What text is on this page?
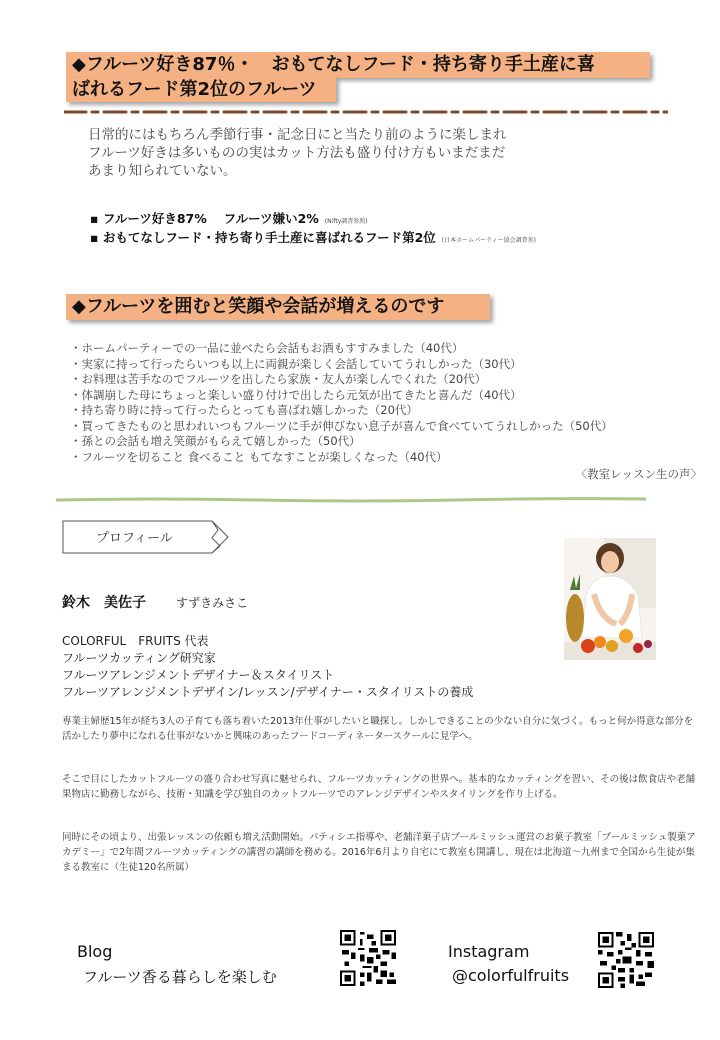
◆フルーツ好き87％・　おもてなしフード・持ち寄り手土産に喜
ばれるフード第2位のフルーツ
日常的にはもちろん季節行事・記念日にと当たり前のように楽しまれ
フルーツ好きは多いものの実はカット方法も盛り付け方もいまだまだ
あまり知られていない。
▪ フルーツ好き87%　 フルーツ嫌い2% (Nifty調査参照)
▪ おもてなしフード・持ち寄り手土産に喜ばれるフード第2位 (日本ホームパーティー協会調査参)
◆フルーツを囲むと笑顔や会話が増えるのです
・ホームパーティーでの一品に並べたら会話もお酒もすすみました（40代）
・実家に持って行ったらいつも以上に両親が楽しく会話していてうれしかった（30代）
・お料理は苦手なのでフルーツを出したら家族・友人が楽しんでくれた（20代）
・体調崩した母にちょっと楽しい盛り付けで出したら元気が出てきたと喜んだ（40代）
・持ち寄り時に持って行ったらとっても喜ばれ嬉しかった（20代）
・買ってきたものと思われいつもフルーツに手が伸びない息子が喜んで食べていてうれしかった（50代）
・孫との会話も増え笑顔がもらえて嬉しかった（50代）
・フルーツを切ること 食べること もてなすことが楽しくなった（40代）
〈教室レッスン生の声〉
プロフィール
鈴木　美佐子	すずきみさこ
COLORFUL　FRUITS 代表
フルーツカッティング研究家
フルーツアレンジメントデザイナー＆スタイリスト
フルーツアレンジメントデザイン/レッスン/デザイナー・スタイリストの養成
専業主婦歴15年が経ち3人の子育ても落ち着いた2013年仕事がしたいと職探し。しかしできることの少ない自分に気づく。もっと何か得意な部分を活かしたり夢中になれる仕事がないかと興味のあったフードコーディネータースクールに見学へ。
そこで目にしたカットフルーツの盛り合わせ写真に魅せられ、フルーツカッティングの世界へ。基本的なカッティングを習い、その後は飲食店や老舗果物店に勤務しながら、技術・知識を学び独自のカットフルーツでのアレンジデザインやスタイリングを作り上げる。
同時にその頃より、出張レッスンの依頼も増え活動開始。パティシエ指導や、老舗洋菓子店ブールミッシュ運営のお菓子教室「ブールミッシュ製菓アカデミー」で2年間フルーツカッティングの講習の講師を務める。2016年6月より自宅にて教室も開講し、現在は北海道〜九州まで全国から生徒が集まる教室に（生徒120名所属）
Blog
フルーツ香る暮らしを楽しむ
Instagram
@colorfulfruits
